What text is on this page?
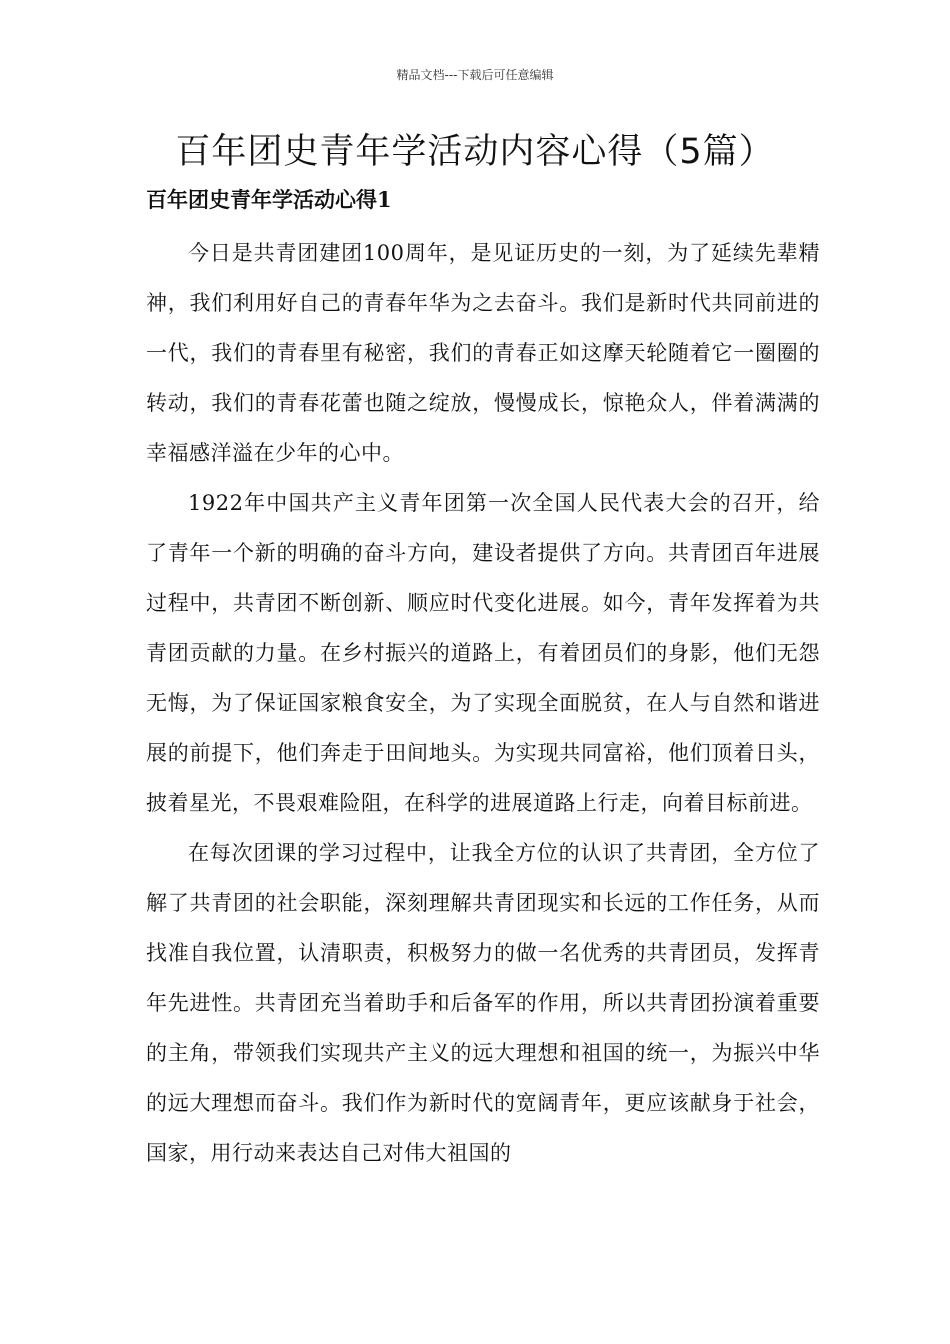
精品文档---下载后可任意编辑
百年团史青年学活动内容心得（5篇）
百年团史青年学活动心得1

今日是共青团建团100周年，是见证历史的一刻，为了延续先辈精神，我们利用好自己的青春年华为之去奋斗。我们是新时代共同前进的一代，我们的青春里有秘密，我们的青春正如这摩天轮随着它一圈圈的转动，我们的青春花蕾也随之绽放，慢慢成长，惊艳众人，伴着满满的幸福感洋溢在少年的心中。

1922年中国共产主义青年团第一次全国人民代表大会的召开，给了青年一个新的明确的奋斗方向，建设者提供了方向。共青团百年进展过程中，共青团不断创新、顺应时代变化进展。如今，青年发挥着为共青团贡献的力量。在乡村振兴的道路上，有着团员们的身影，他们无怨无悔，为了保证国家粮食安全，为了实现全面脱贫，在人与自然和谐进展的前提下，他们奔走于田间地头。为实现共同富裕，他们顶着日头，披着星光，不畏艰难险阻，在科学的进展道路上行走，向着目标前进。

在每次团课的学习过程中，让我全方位的认识了共青团，全方位了解了共青团的社会职能，深刻理解共青团现实和长远的工作任务，从而找准自我位置，认清职责，积极努力的做一名优秀的共青团员，发挥青年先进性。共青团充当着助手和后备军的作用，所以共青团扮演着重要的主角，带领我们实现共产主义的远大理想和祖国的统一，为振兴中华的远大理想而奋斗。我们作为新时代的宽阔青年，更应该献身于社会，国家，用行动来表达自己对伟大祖国的
